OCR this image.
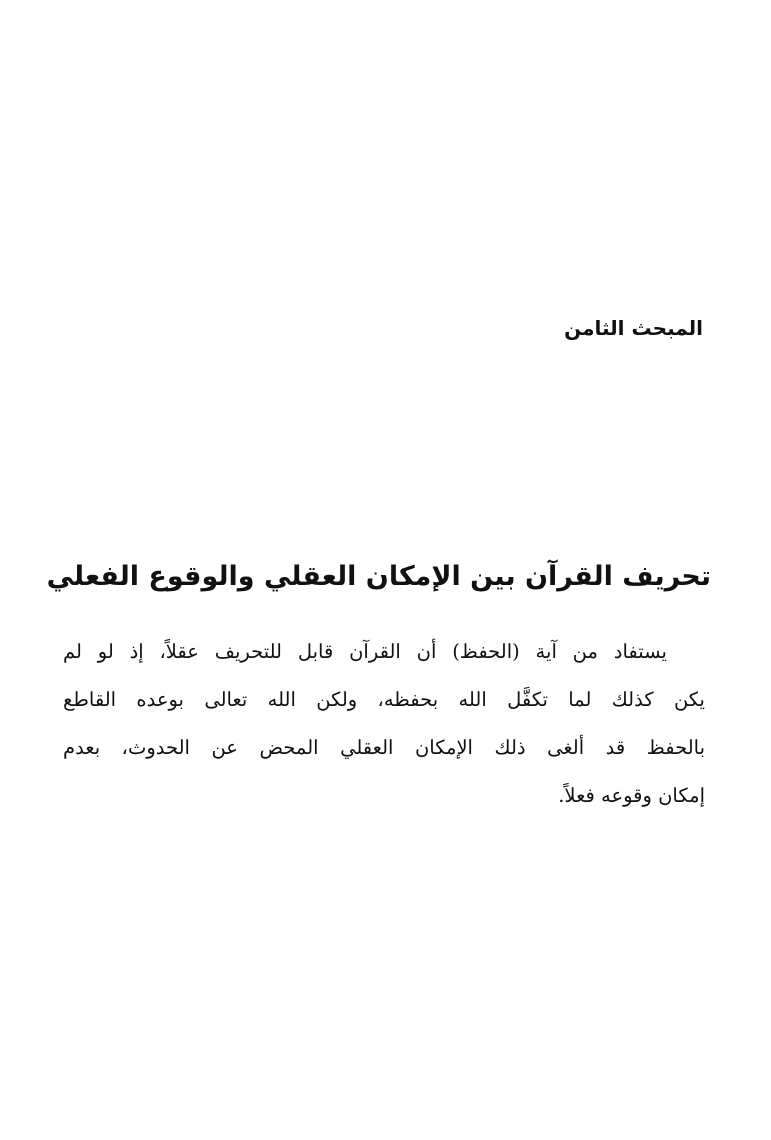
المبحث الثامن
تحريف القرآن بين الإمكان العقلي والوقوع الفعلي
يستفاد من آية (الحفظ) أن القرآن قابل للتحريف عقلاً، إذ لو لم
يكن كذلك لما تكفَّل الله بحفظه، ولكن الله تعالى بوعده القاطع
بالحفظ قد ألغى ذلك الإمكان العقلي المحض عن الحدوث، بعدم
إمكان وقوعه فعلاً.
